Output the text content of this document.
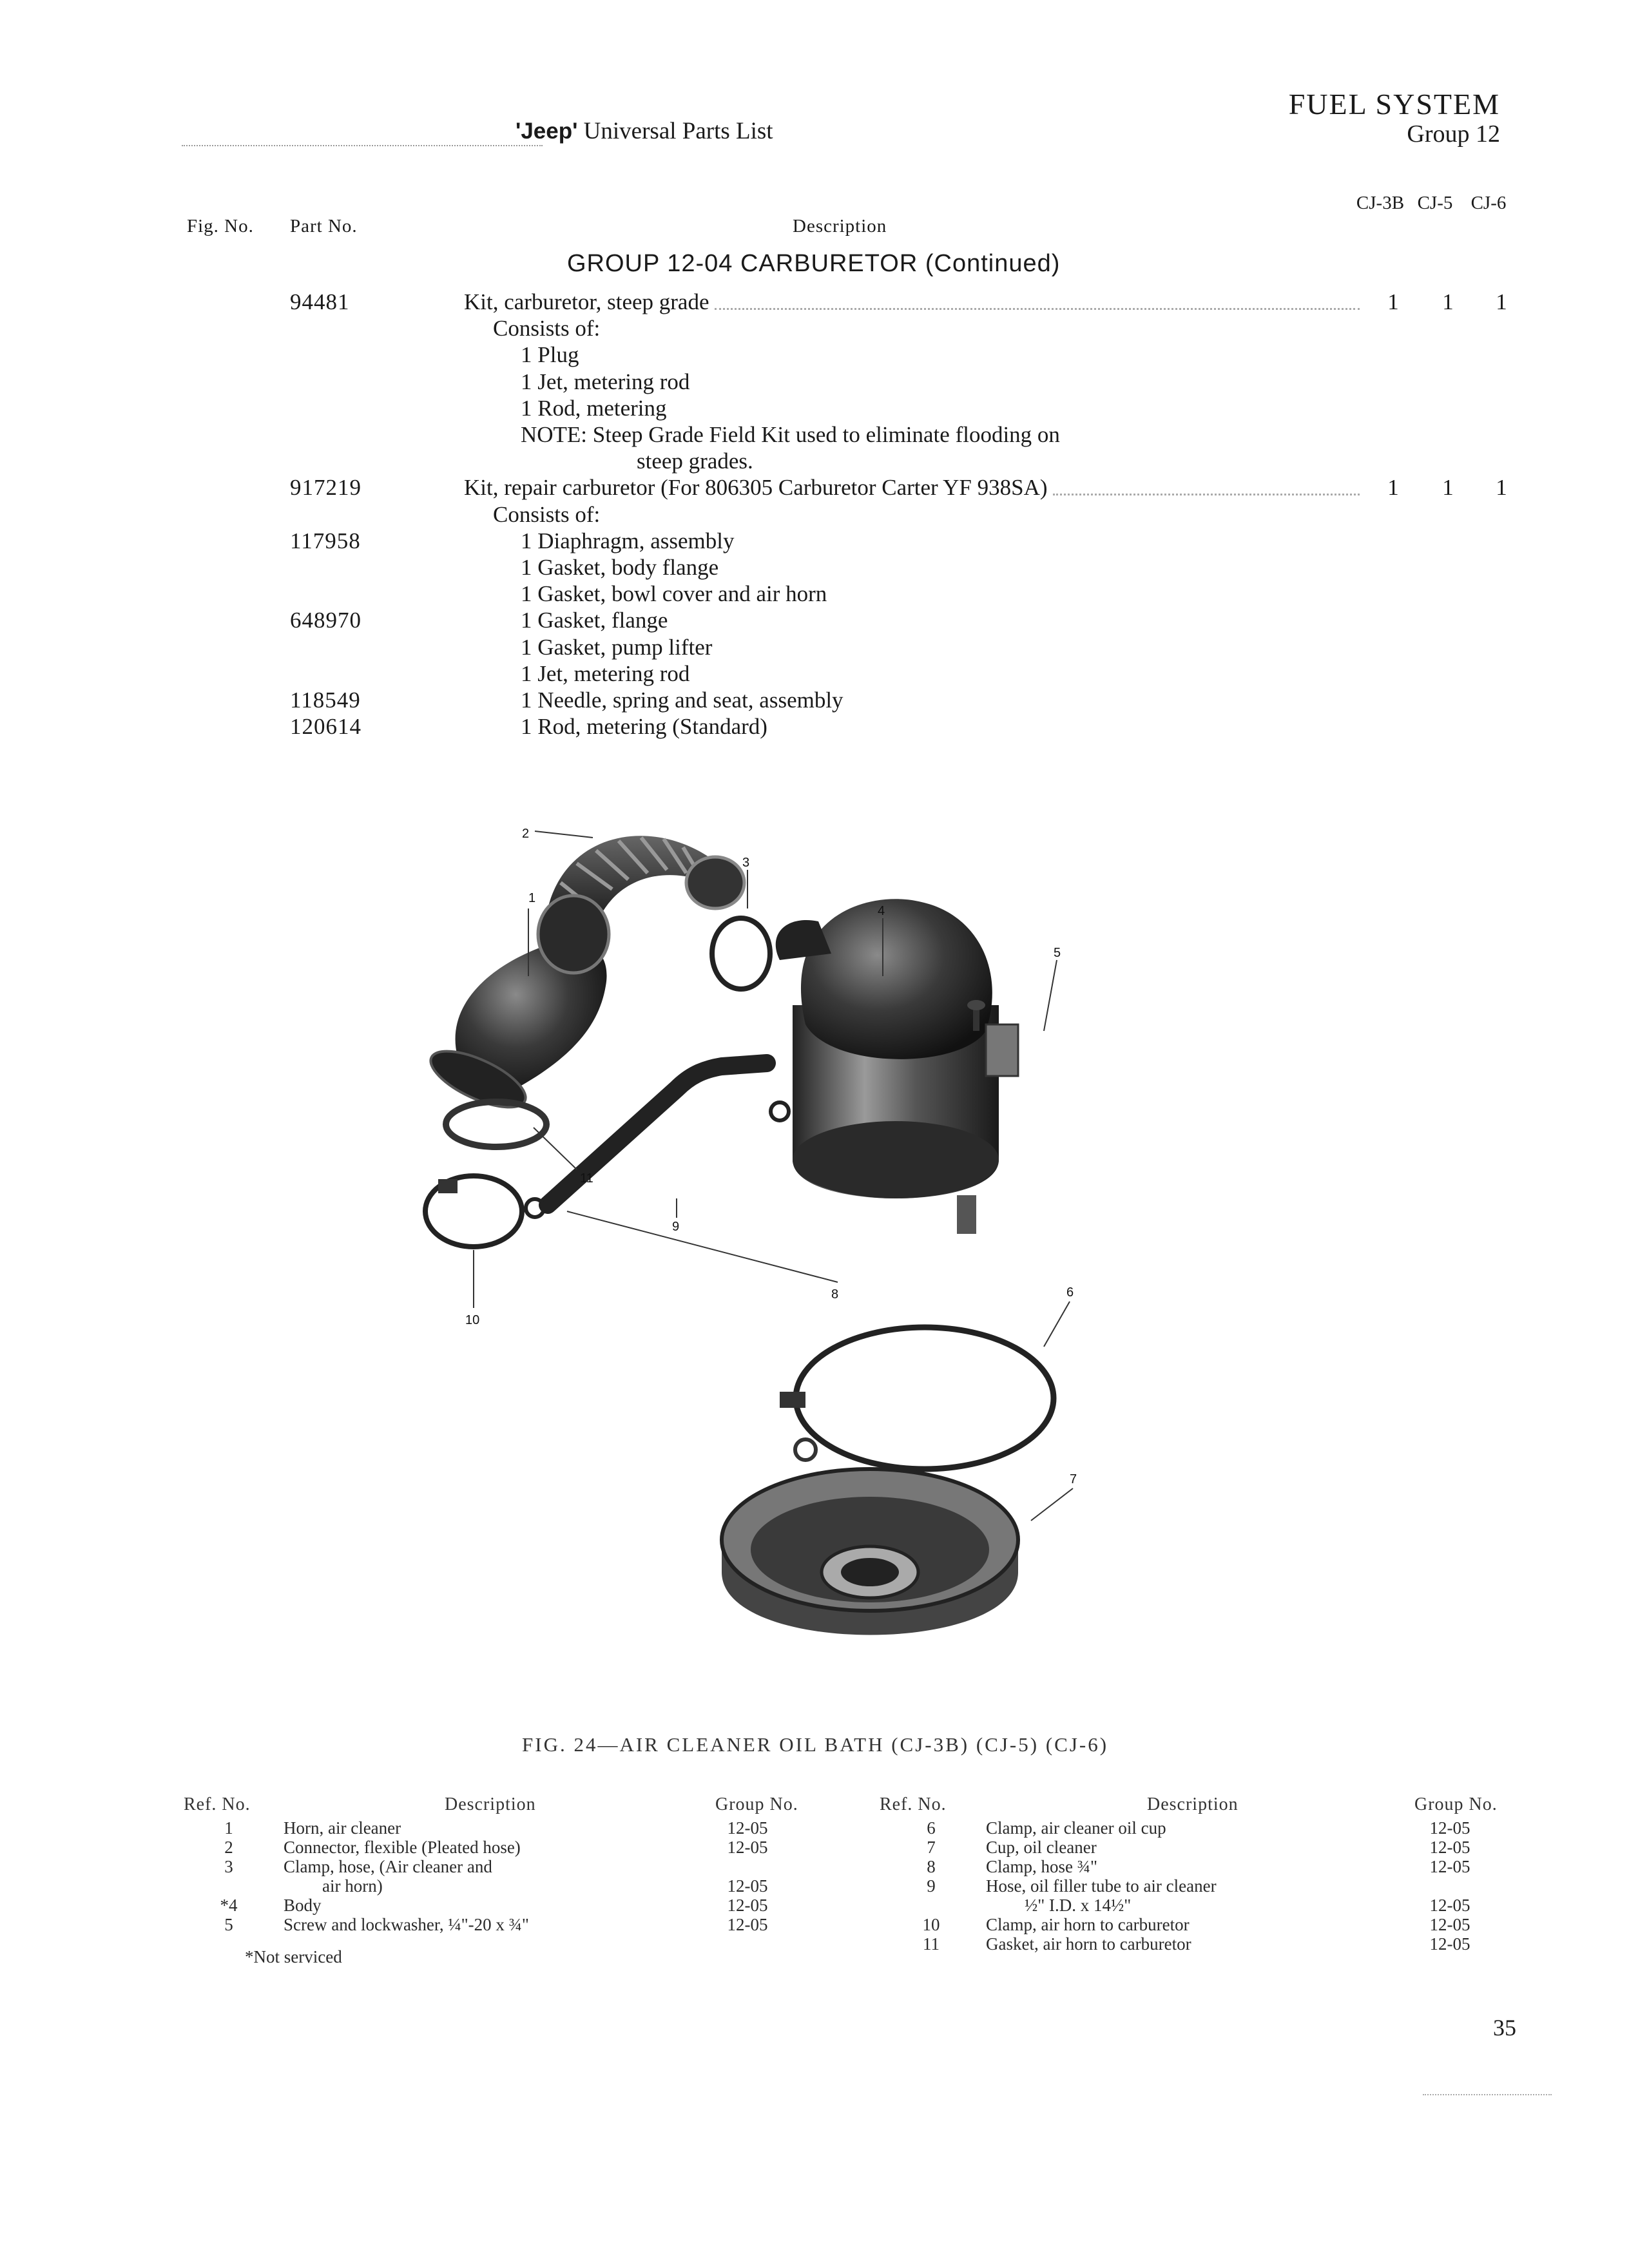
'Jeep' Universal Parts List
FUEL SYSTEM
Group 12
Fig. No. Part No.	Description
CJ-3B CJ-5 CJ-6
GROUP 12-04 CARBURETOR (Continued)
94481	Kit, carburetor, steep grade	1	1	1
Consists of:
1 Plug
1 Jet, metering rod
1 Rod, metering
NOTE: Steep Grade Field Kit used to eliminate flooding on
steep grades.
917219	Kit, repair carburetor (For 806305 Carburetor Carter YF 938SA)	1	1	1
Consists of:
117958	1 Diaphragm, assembly
1 Gasket, body flange
1 Gasket, bowl cover and air horn
648970	1 Gasket, flange
1 Gasket, pump lifter
1 Jet, metering rod
118549	1 Needle, spring and seat, assembly
120614	1 Rod, metering (Standard)
1
2
3
4
5
6
7
8
9
10
11
FIG. 24—AIR CLEANER OIL BATH (CJ-3B) (CJ-5) (CJ-6)
Ref. No.	Description	Group No.	Ref. No.	Description	Group No.
1	Horn, air cleaner	12-05
2	Connector, flexible (Pleated hose)	12-05
3	Clamp, hose, (Air cleaner and
air horn)	12-05
*4	Body	12-05
5	Screw and lockwasher, ¼"-20 x ¾"	12-05
6	Clamp, air cleaner oil cup	12-05
7	Cup, oil cleaner	12-05
8	Clamp, hose ¾"	12-05
9	Hose, oil filler tube to air cleaner
½" I.D. x 14½"	12-05
10	Clamp, air horn to carburetor	12-05
11	Gasket, air horn to carburetor	12-05
*Not serviced
35
